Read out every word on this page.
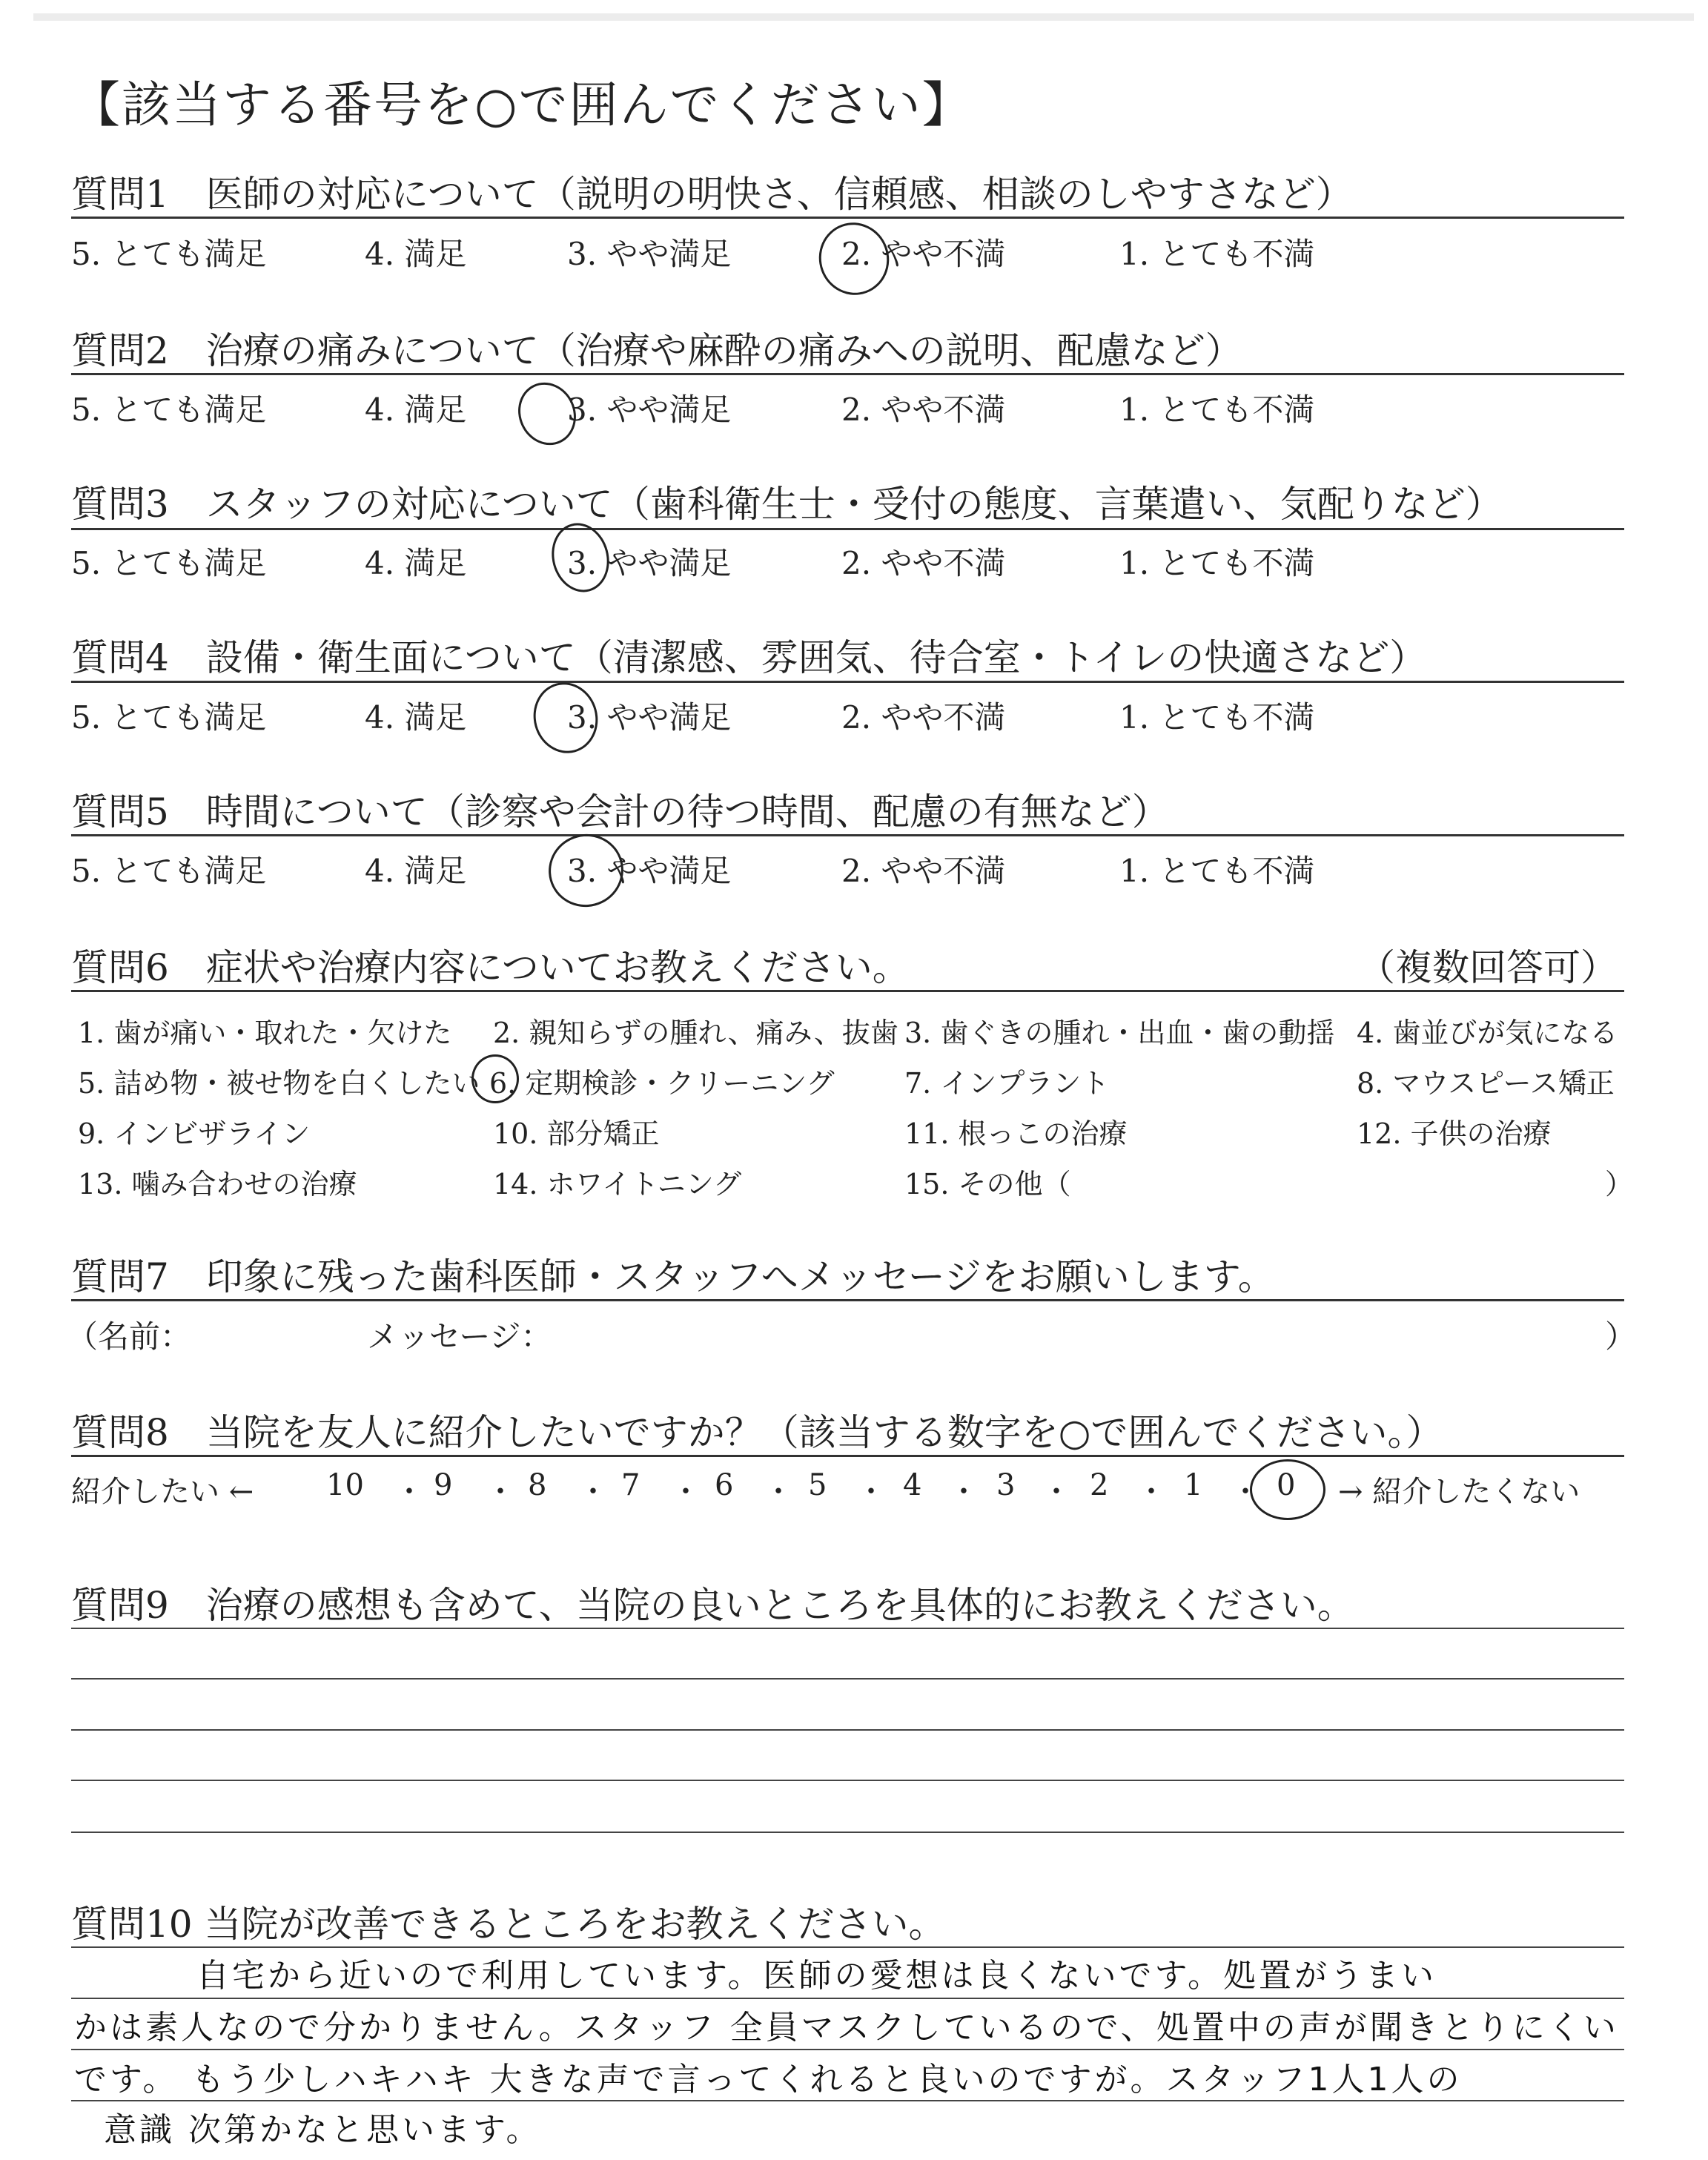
【該当する番号を○で囲んでください】
質問1　医師の対応について（説明の明快さ、信頼感、相談のしやすさなど）
5. とても満足	4. 満足	3. やや満足	2. やや不満	1. とても不満
質問2　治療の痛みについて（治療や麻酔の痛みへの説明、配慮など）
5. とても満足	4. 満足	3. やや満足	2. やや不満	1. とても不満
質問3　スタッフの対応について（歯科衛生士・受付の態度、言葉遣い、気配りなど）
5. とても満足	4. 満足	3. やや満足	2. やや不満	1. とても不満
質問4　設備・衛生面について（清潔感、雰囲気、待合室・トイレの快適さなど）
5. とても満足	4. 満足	3. やや満足	2. やや不満	1. とても不満
質問5　時間について（診察や会計の待つ時間、配慮の有無など）
5. とても満足	4. 満足	3. やや満足	2. やや不満	1. とても不満
質問6　症状や治療内容についてお教えください。	（複数回答可）
1. 歯が痛い・取れた・欠けた 2. 親知らずの腫れ、痛み、抜歯 3. 歯ぐきの腫れ・出血・歯の動揺 4. 歯並びが気になる
5. 詰め物・被せ物を白くしたい 6. 定期検診・クリーニング 7. インプラント	8. マウスピース矯正
9. インビザライン	10. 部分矯正	11. 根っこの治療	12. 子供の治療
13. 噛み合わせの治療	14. ホワイトニング	15. その他（	）
質問7　印象に残った歯科医師・スタッフへメッセージをお願いします。
（名前：	メッセージ：	）
質問8　当院を友人に紹介したいですか？（該当する数字を○で囲んでください。）
紹介したい ←	→ 紹介したくない
10 9	8	7	6	5	4	3	2	1 0
・ ・ ・ ・ ・ ・ ・ ・ ・ ・
質問9　治療の感想も含めて、当院の良いところを具体的にお教えください。
質問10 当院が改善できるところをお教えください。
自宅から近いので利用しています。医師の愛想は良くないです。処置がうまい
かは素人なので分かりません。スタッフ 全員マスクしているので、処置中の声が聞きとりにくい
です。 もう少しハキハキ 大きな声で言ってくれると良いのですが。スタッフ1人1人の
意識 次第かなと思います。
